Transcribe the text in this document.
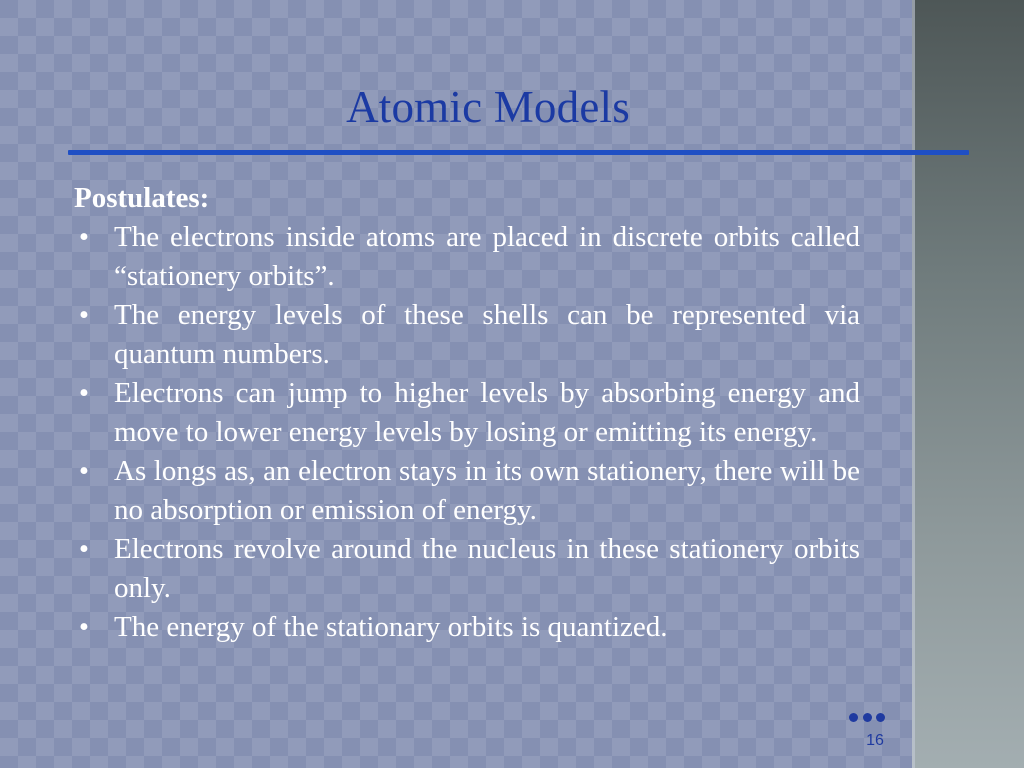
Atomic Models
Postulates:
• The electrons inside atoms are placed in discrete orbits called “stationery orbits”.
• The energy levels of these shells can be represented via quantum numbers.
• Electrons can jump to higher levels by absorbing energy and move to lower energy levels by losing or emitting its energy.
• As longs as, an electron stays in its own stationery, there will be no absorption or emission of energy.
• Electrons revolve around the nucleus in these stationery orbits only.
• The energy of the stationary orbits is quantized.
16
